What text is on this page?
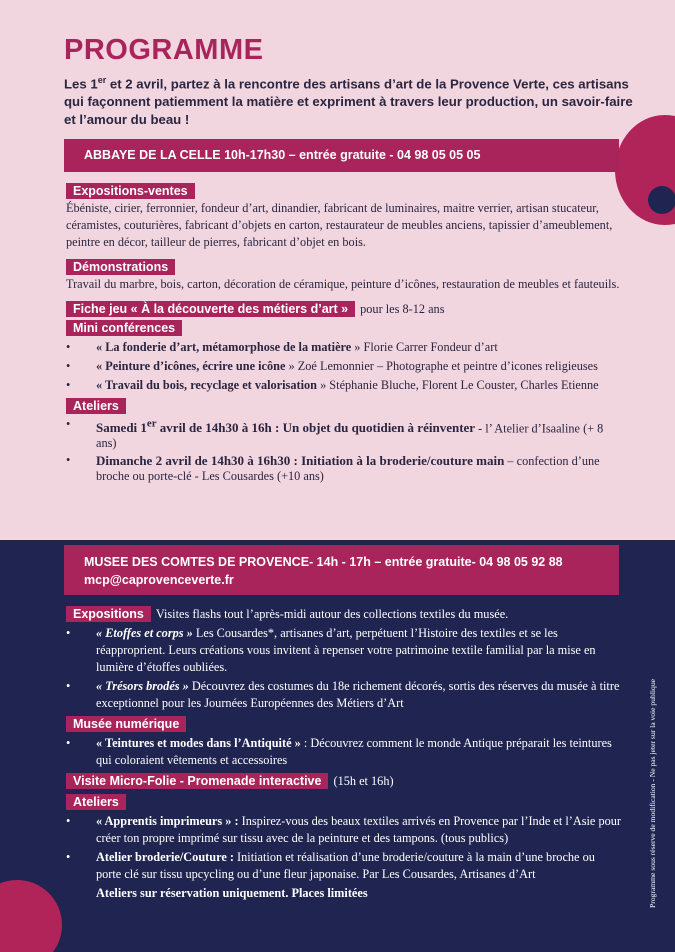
PROGRAMME

Les 1er et 2 avril, partez à la rencontre des artisans d’art de la Provence Verte, ces artisans qui façonnent patiemment la matière et expriment à travers leur production, un savoir-faire et l’amour du beau !

ABBAYE DE LA CELLE 10h-17h30 – entrée gratuite - 04 98 05 05 05
Expositions-ventes
Ébéniste, cirier, ferronnier, fondeur d’art, dinandier, fabricant de luminaires, maitre verrier, artisan stucateur, céramistes, couturières, fabricant d’objets en carton, restaurateur de meubles anciens, tapissier d’ameublement, peintre en décor, tailleur de pierres, fabricant d’objet en bois.
Démonstrations
Travail du marbre, bois, carton, décoration de céramique, peinture d’icônes, restauration de meubles et fauteuils.
Fiche jeu « À la découverte des métiers d’art » pour les 8-12 ans
Mini conférences
• « La fonderie d’art, métamorphose de la matière » Florie Carrer Fondeur d’art
• « Peinture d’icônes, écrire une icône » Zoé Lemonnier – Photographe et peintre d’icones religieuses
• « Travail du bois, recyclage et valorisation » Stéphanie Bluche, Florent Le Couster, Charles Etienne
Ateliers
• Samedi 1er avril de 14h30 à 16h : Un objet du quotidien à réinventer - l’ Atelier d’Isaaline (+ 8 ans)
• Dimanche 2 avril de 14h30 à 16h30 : Initiation à la broderie/couture main – confection d’une broche ou porte-clé - Les Cousardes (+10 ans)
MUSEE DES COMTES DE PROVENCE- 14h - 17h – entrée gratuite- 04 98 05 92 88
mcp@caprovenceverte.fr
Expositions Visites flashs tout l’après-midi autour des collections textiles du musée.
• « Etoffes et corps » Les Cousardes*, artisanes d’art, perpétuent l’Histoire des textiles et se les réapproprient. Leurs créations vous invitent à repenser votre patrimoine textile familial par la mise en lumière d’étoffes oubliées.
• « Trésors brodés » Découvrez des costumes du 18e richement décorés, sortis des réserves du musée à titre exceptionnel pour les Journées Européennes des Métiers d’Art
Musée numérique
• « Teintures et modes dans l’Antiquité » : Découvrez comment le monde Antique préparait les teintures qui coloraient vêtements et accessoires
Visite Micro-Folie - Promenade interactive (15h et 16h)
Ateliers
• « Apprentis imprimeurs » : Inspirez-vous des beaux textiles arrivés en Provence par l’Inde et l’Asie pour créer ton propre imprimé sur tissu avec de la peinture et des tampons. (tous publics)
• Atelier broderie/Couture : Initiation et réalisation d’une broderie/couture à la main d’une broche ou porte clé sur tissu upcycling ou d’une fleur japonaise. Par Les Cousardes, Artisanes d’Art
Ateliers sur réservation uniquement. Places limitées	Programme sous réserve de modification - Ne pas jeter sur la voie publique
